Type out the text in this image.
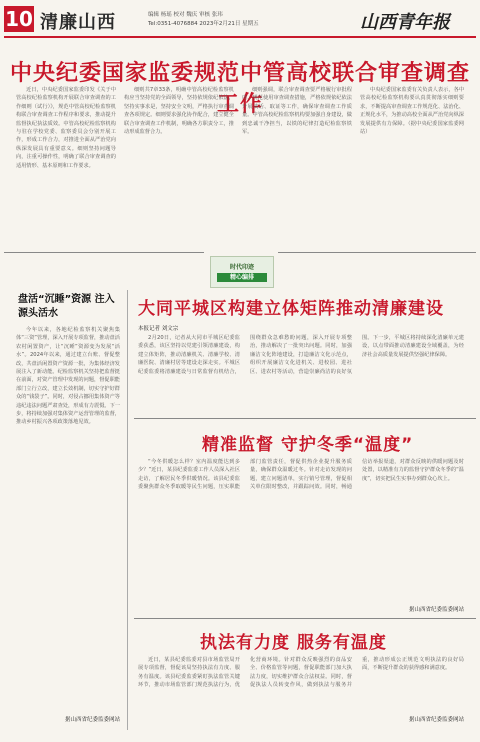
10 清廉山西	编辑 杨瑶 校对 魏庆 审核 张玮
Tel:0351-4076884 2023年2月21日 星期五	山西青年报
中央纪委国家监委规范中管高校联合审查调查工作

近日，中央纪委国家监委印发《关于中管高校纪检监察机构开展联合审查调查的工作细则（试行）》，规范中管高校纪检监察机构联合审查调查工作程序和要求，推动提升监督执纪执法质效。中管高校纪检监察机构与驻在学校党委、监察委员会分别开展工作，形成工作合力，对推进全面从严治党向纵深发展具有重要意义。细则坚持问题导向，注重可操作性，明确了联合审查调查的适用情形、基本原则和工作要求。

细则共7章33条，明确中管高校纪检监察机构应当坚持党的全面领导，坚持依规依纪依法，坚持实事求是，坚持安全文明，严格执行审查调查各项规定。细则要求强化协作配合，建立健全联合审查调查工作机制，明确各方职责分工，推动形成监督合力。

细则强调，联合审查调查要严格履行审批程序，规范使用审查调查措施，严格依规依纪依法开展谈话、取证等工作，确保审查调查工作质量。中管高校纪检监察机构要加强自身建设，做到忠诚干净担当，以铁的纪律打造纪检监察铁军。

中央纪委国家监委有关负责人表示，各中管高校纪检监察机构要认真贯彻落实细则要求，不断提高审查调查工作规范化、法治化、正规化水平，为推动高校全面从严治党向纵深发展提供有力保障。（据中央纪委国家监委网站）

时代印迹
精心编排
盘活“沉睡”资源 注入源头活水

今年以来，各地纪检监察机关聚焦集体“三资”管理，深入开展专项监督，推动盘活农村闲置资产，让“沉睡”资源变为发展“活水”。2024年以来，通过建立台账、督促整改，共盘活闲置资产资源一批，为集体经济发展注入了新动能。纪检监察机关坚持把监督挺在前面，对资产管理中发现的问题，督促职能部门立行立改，建立长效机制，切实守护好群众的“钱袋子”。同时，对侵占挪用集体资产等违纪违法问题严肃查处，形成有力震慑。下一步，将持续加强对集体资产运营管理的监督，推动乡村振兴各项政策落地见效。

据山西省纪委监委网站
大同平城区构建立体矩阵推动清廉建设
本报记者 刘文宗

2月20日，记者从大同市平城区纪委监委获悉，该区坚持以党建引领清廉建设，构建立体矩阵，推动清廉机关、清廉学校、清廉医院、清廉村居等建设走深走实。平城区纪委监委将清廉建设与日常监督有机结合，围绕群众急难愁盼问题，深入开展专项整治，推动解决了一批突出问题。同时，加强廉洁文化阵地建设，打造廉洁文化示范点，组织开展廉洁文化进机关、进校园、进社区、进农村等活动，营造崇廉尚洁的良好氛围。下一步，平城区将持续深化清廉单元建设，以点带面推动清廉建设全域覆盖，为经济社会高质量发展提供坚强纪律保障。

精准监督 守护冬季“温度”

“今冬供暖怎么样？室内温度能达到多少？”近日，某县纪委监委工作人员深入社区走访，了解居民冬季供暖情况。该县纪委监委聚焦群众冬季取暖等民生问题，压实职能部门监管责任，督促供热企业提升服务质量，确保群众温暖过冬。针对走访发现的问题，建立问题清单，实行销号管理，督促相关单位限时整改，并跟踪问效。同时，畅通信访举报渠道，对群众反映的供暖问题及时处置，以精准有力的监督守护群众冬季的“温度”，切实把民生实事办到群众心坎上。

据山西省纪委监委网站
执法有力度 服务有温度

近日，某县纪委监委对县市场监管局开展专项监督，督促该局坚持执法有力度、服务有温度。该县纪委监委紧盯执法监管关键环节，推动市场监管部门规范执法行为，优化营商环境。针对群众反映强烈的食品安全、价格监管等问题，督促职能部门加大执法力度，切实维护群众合法权益。同时，督促执法人员转变作风，做到执法与服务并重，推动形成公正规范文明执法的良好局面，不断提升群众的获得感和满意度。

据山西省纪委监委网站
